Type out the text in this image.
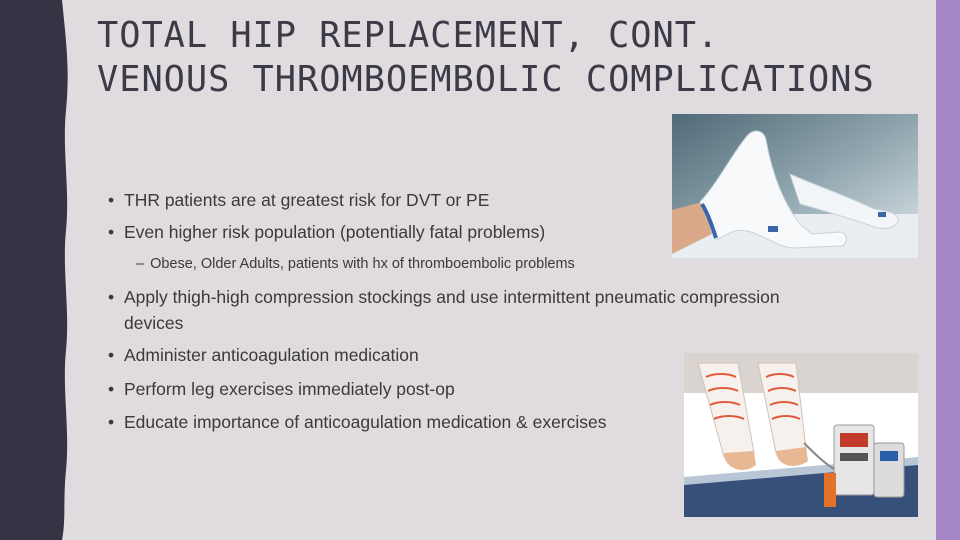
TOTAL HIP REPLACEMENT, CONT.
VENOUS THROMBOEMBOLIC COMPLICATIONS
• THR patients are at greatest risk for DVT or PE
• Even higher risk population (potentially fatal problems)
– Obese, Older Adults, patients with hx of thromboembolic problems
• Apply thigh-high compression stockings and use intermittent pneumatic compression
devices
• Administer anticoagulation medication
• Perform leg exercises immediately post-op
• Educate importance of anticoagulation medication & exercises
